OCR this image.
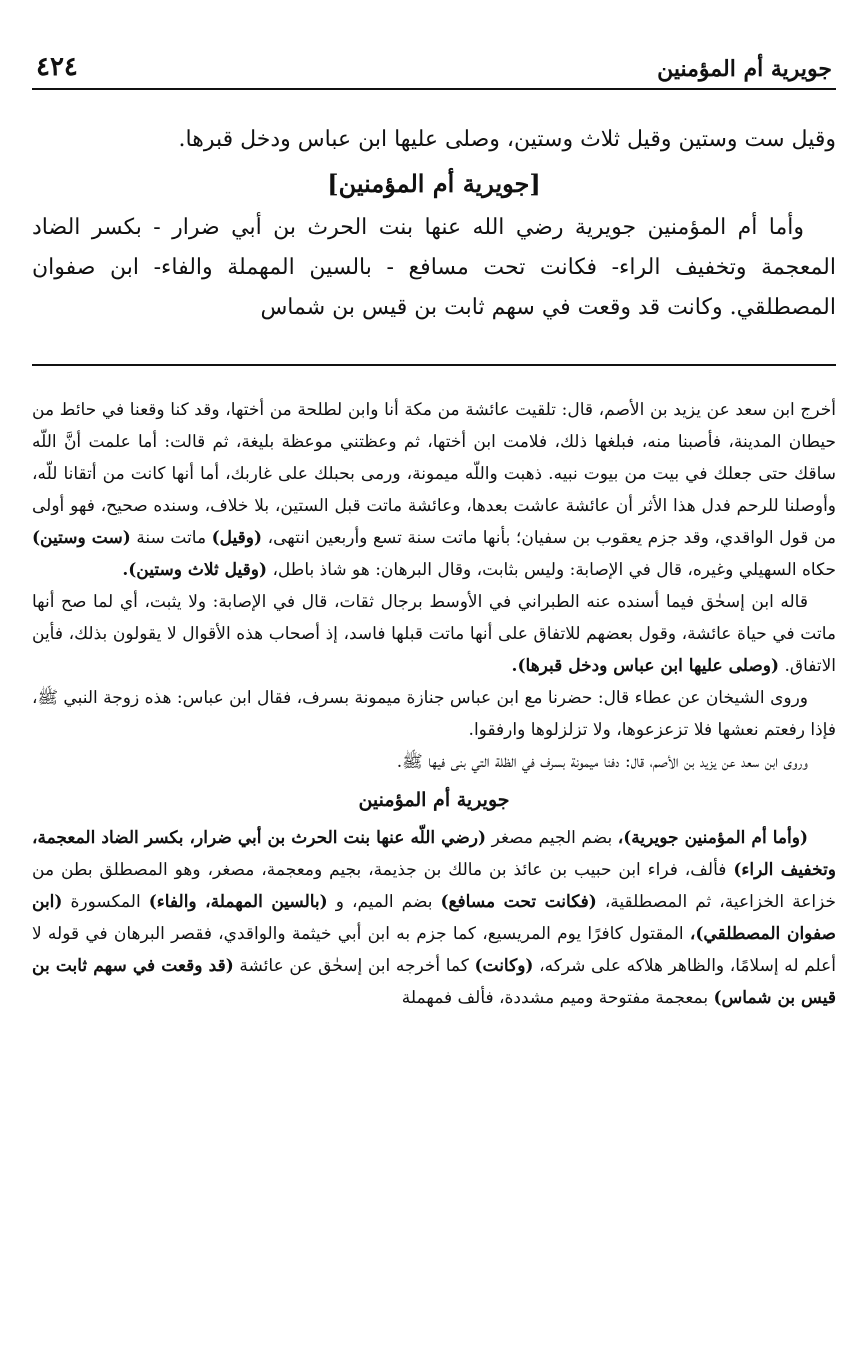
جويرية أم المؤمنين
٤٢٤

وقيل ست وستين وقيل ثلاث وستين، وصلى عليها ابن عباس ودخل قبرها.

[جويرية أم المؤمنين]

وأما أم المؤمنين جويرية رضي الله عنها بنت الحرث بن أبي ضرار - بكسر الضاد المعجمة وتخفيف الراء- فكانت تحت مسافع - بالسين المهملة والفاء- ابن صفوان المصطلقي. وكانت قد وقعت في سهم ثابت بن قيس بن شماس

أخرج ابن سعد عن يزيد بن الأصم، قال: تلقيت عائشة من مكة أنا وابن لطلحة من أختها، وقد كنا وقعنا في حائط من حيطان المدينة، فأصبنا منه، فبلغها ذلك، فلامت ابن أختها، ثم وعظتني موعظة بليغة، ثم قالت: أما علمت أنَّ اللّه ساقك حتى جعلك في بيت من بيوت نبيه. ذهبت واللّه ميمونة، ورمى بحبلك على غاربك، أما أنها كانت من أتقانا للّه، وأوصلنا للرحم فدل هذا الأثر أن عائشة عاشت بعدها، وعائشة ماتت قبل الستين، بلا خلاف، وسنده صحيح، فهو أولى من قول الواقدي، وقد جزم يعقوب بن سفيان؛ بأنها ماتت سنة تسع وأربعين انتهى، (وقيل) ماتت سنة (ست وستين) حكاه السهيلي وغيره، قال في الإصابة: وليس بثابت، وقال البرهان: هو شاذ باطل، (وقيل ثلاث وستين).

قاله ابن إسحٰق فيما أسنده عنه الطبراني في الأوسط برجال ثقات، قال في الإصابة: ولا يثبت، أي لما صح أنها ماتت في حياة عائشة، وقول بعضهم للاتفاق على أنها ماتت قبلها فاسد، إذ أصحاب هذه الأقوال لا يقولون بذلك، فأين الاتفاق. (وصلى عليها ابن عباس ودخل قبرها).

وروى الشيخان عن عطاء قال: حضرنا مع ابن عباس جنازة ميمونة بسرف، فقال ابن عباس: هذه زوجة النبي ﷺ، فإذا رفعتم نعشها فلا تزعزعوها، ولا تزلزلوها وارفقوا.

وروى ابن سعد عن يزيد بن الأصم، قال: دفنا ميمونة بسرف في الظلة التي بنى فيها ﷺ.

جويرية أم المؤمنين

(وأما أم المؤمنين جويرية)، بضم الجيم مصغر (رضي اللّه عنها بنت الحرث بن أبي ضرار، بكسر الضاد المعجمة، وتخفيف الراء) فألف، فراء ابن حبيب بن عائذ بن مالك بن جذيمة، بجيم ومعجمة، مصغر، وهو المصطلق بطن من خزاعة الخزاعية، ثم المصطلقية، (فكانت تحت مسافع) بضم الميم، و (بالسين المهملة، والفاء) المكسورة (ابن صفوان المصطلقي)، المقتول كافرًا يوم المريسيع، كما جزم به ابن أبي خيثمة والواقدي، فقصر البرهان في قوله لا أعلم له إسلامًا، والظاهر هلاكه على شركه، (وكانت) كما أخرجه ابن إسحٰق عن عائشة (قد وقعت في سهم ثابت بن قيس بن شماس) بمعجمة مفتوحة وميم مشددة، فألف فمهملة
